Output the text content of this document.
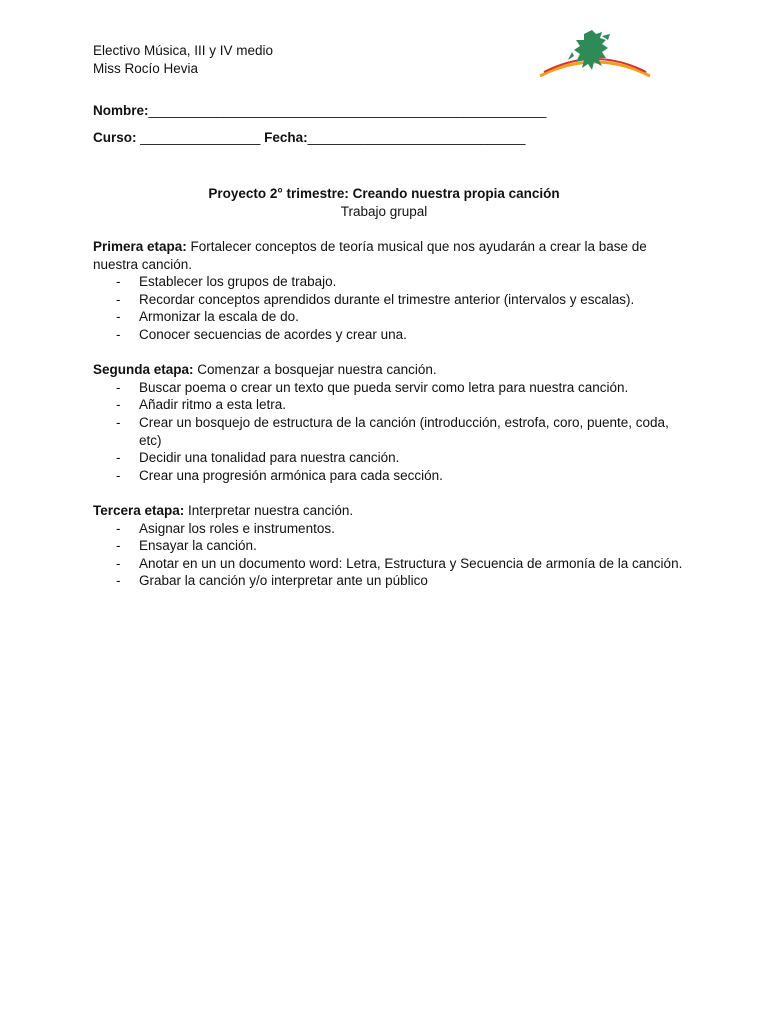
Electivo Música, III y IV medio
Miss Rocío Hevia
Nombre:_____________________________________________________
Curso: ________________ Fecha:_____________________________
Proyecto 2° trimestre: Creando nuestra propia canción
Trabajo grupal
Primera etapa: Fortalecer conceptos de teoría musical que nos ayudarán a crear la base de nuestra canción.
- Establecer los grupos de trabajo.
- Recordar conceptos aprendidos durante el trimestre anterior (intervalos y escalas).
- Armonizar la escala de do.
- Conocer secuencias de acordes y crear una.
Segunda etapa: Comenzar a bosquejar nuestra canción.
- Buscar poema o crear un texto que pueda servir como letra para nuestra canción.
- Añadir ritmo a esta letra.
- Crear un bosquejo de estructura de la canción (introducción, estrofa, coro, puente, coda, etc)
- Decidir una tonalidad para nuestra canción.
- Crear una progresión armónica para cada sección.
Tercera etapa: Interpretar nuestra canción.
- Asignar los roles e instrumentos.
- Ensayar la canción.
- Anotar en un un documento word: Letra, Estructura y Secuencia de armonía de la canción.
- Grabar la canción y/o interpretar ante un público
